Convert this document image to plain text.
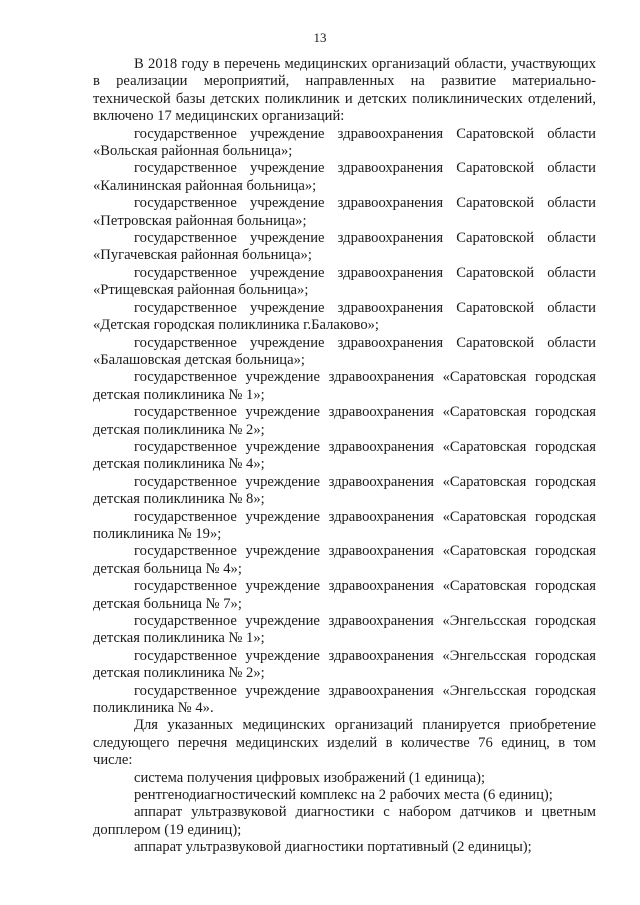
13

В 2018 году в перечень медицинских организаций области, участвующих в реализации мероприятий, направленных на развитие материально-технической базы детских поликлиник и детских поликлинических отделений, включено 17 медицинских организаций:

государственное учреждение здравоохранения Саратовской области
«Вольская районная больница»;

государственное учреждение здравоохранения Саратовской области
«Калининская районная больница»;

государственное учреждение здравоохранения Саратовской области
«Петровская районная больница»;

государственное учреждение здравоохранения Саратовской области
«Пугачевская районная больница»;

государственное учреждение здравоохранения Саратовской области
«Ртищевская районная больница»;

государственное учреждение здравоохранения Саратовской области
«Детская городская поликлиника г.Балаково»;

государственное учреждение здравоохранения Саратовской области
«Балашовская детская больница»;

государственное учреждение здравоохранения «Саратовская городская
детская поликлиника № 1»;

государственное учреждение здравоохранения «Саратовская городская
детская поликлиника № 2»;

государственное учреждение здравоохранения «Саратовская городская
детская поликлиника № 4»;

государственное учреждение здравоохранения «Саратовская городская
детская поликлиника № 8»;

государственное учреждение здравоохранения «Саратовская городская
поликлиника № 19»;

государственное учреждение здравоохранения «Саратовская городская
детская больница № 4»;

государственное учреждение здравоохранения «Саратовская городская
детская больница № 7»;

государственное учреждение здравоохранения «Энгельсская городская
детская поликлиника № 1»;

государственное учреждение здравоохранения «Энгельсская городская
детская поликлиника № 2»;

государственное учреждение здравоохранения «Энгельсская городская
поликлиника № 4».

Для указанных медицинских организаций планируется приобретение следующего перечня медицинских изделий в количестве 76 единиц, в том числе:

система получения цифровых изображений (1 единица);

рентгенодиагностический комплекс на 2 рабочих места (6 единиц);

аппарат ультразвуковой диагностики с набором датчиков и цветным допплером (19 единиц);

аппарат ультразвуковой диагностики портативный (2 единицы);
